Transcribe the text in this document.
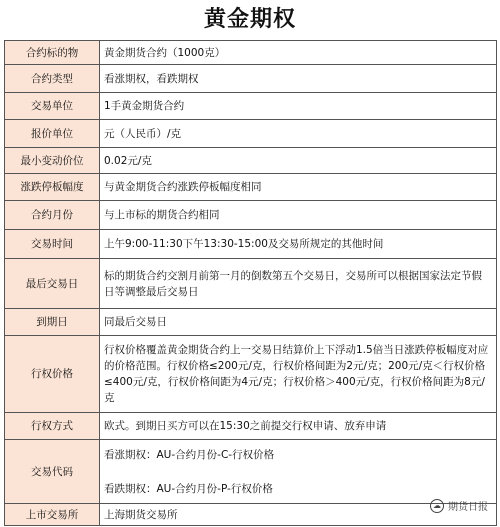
黄金期权
合约标的物	黄金期货合约（1000克）
合约类型	看涨期权，看跌期权
交易单位	1手黄金期货合约
报价单位	元（人民币）/克
最小变动价位	0.02元/克
涨跌停板幅度	与黄金期货合约涨跌停板幅度相同
合约月份	与上市标的期货合约相同
交易时间	上午9:00-11:30下午13:30-15:00及交易所规定的其他时间
最后交易日	标的期货合约交割月前第一月的倒数第五个交易日，交易所可以根据国家法定节假日等调整最后交易日
到期日	同最后交易日
行权价格	行权价格覆盖黄金期货合约上一交易日结算价上下浮动1.5倍当日涨跌停板幅度对应的价格范围。行权价格≤200元/克，行权价格间距为2元/克；200元/克＜行权价格≤400元/克，行权价格间距为4元/克；行权价格＞400元/克，行权价格间距为8元/克
行权方式	欧式。到期日买方可以在15:30之前提交行权申请、放弃申请
交易代码	看涨期权：AU-合约月份-C-行权价格
看跌期权：AU-合约月份-P-行权价格

上市交易所	上海期货交易所
☁ 期货日报
